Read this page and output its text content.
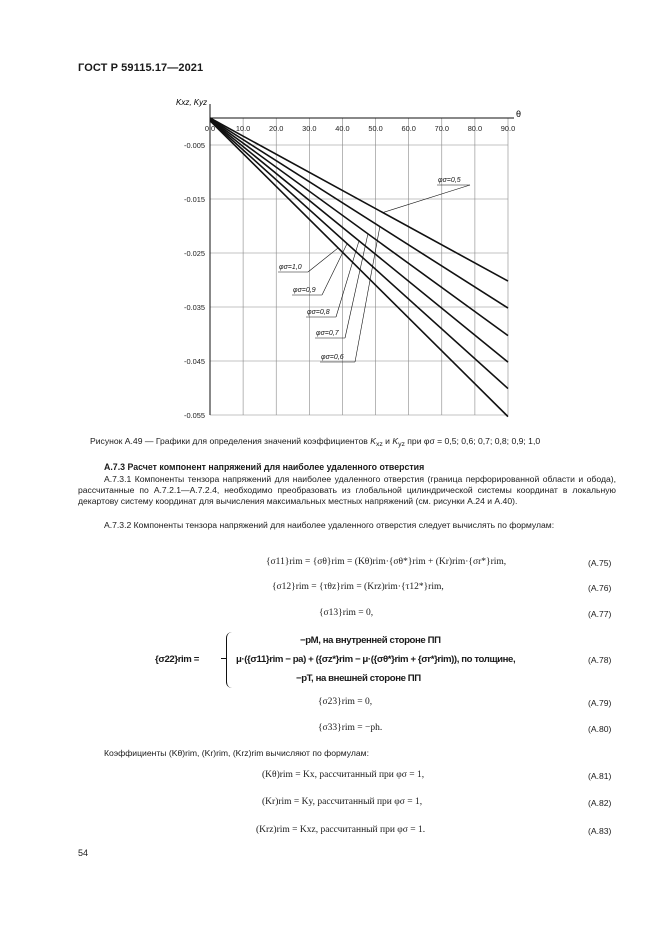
ГОСТ Р 59115.17—2021
0.0	10.0	20.0	30.0	40.0	50.0	60.0	70.0	80.0	90.0
-0.005
-0.015
-0.025
-0.035
-0.045
-0.055
φσ=0,5
φσ=0,6
φσ=0,7
φσ=0,8
φσ=0,9
φσ=1,0
Kxz, Kyz
θ
Рисунок А.49 — Графики для определения значений коэффициентов $K_{xz}$ и $K_{yz}$ при φσ = 0,5; 0,6; 0,7; 0,8; 0,9; 1,0
А.7.3 Расчет компонент напряжений для наиболее удаленного отверстия
А.7.3.1 Компоненты тензора напряжений для наиболее удаленного отверстия (граница перфорированной области и обода), рассчитанные по А.7.2.1—А.7.2.4, необходимо преобразовать из глобальной цилиндрической системы координат в локальную декартову систему координат для вычисления максимальных местных напряжений (см. рисунки А.24 и А.40).
А.7.3.2 Компоненты тензора напряжений для наиболее удаленного отверстия следует вычислять по формулам:
{σ11}rim = {σθ}rim = (Kθ)rim·{σθ*}rim + (Kr)rim·{σr*}rim,	(А.75)
{σ12}rim = {τθz}rim = (Krz)rim·{τ12*}rim,	(А.76)
{σ13}rim = 0,	(А.77)
{σ22}rim =
−pM, на внутренней стороне ПП
μ·({σ11}rim − pa) + ({σz*}rim − μ·({σθ*}rim + {σr*}rim)), по толщине,
−pT, на внешней стороне ПП
(А.78)
{σ23}rim = 0,	(А.79)
{σ33}rim = −ph.	(А.80)
Коэффициенты (Kθ)rim, (Kr)rim, (Krz)rim вычисляют по формулам:
(Kθ)rim = Kx, рассчитанный при φσ = 1,	(А.81)
(Kr)rim = Ky, рассчитанный при φσ = 1,	(А.82)
(Krz)rim = Kxz, рассчитанный при φσ = 1.	(А.83)
54
